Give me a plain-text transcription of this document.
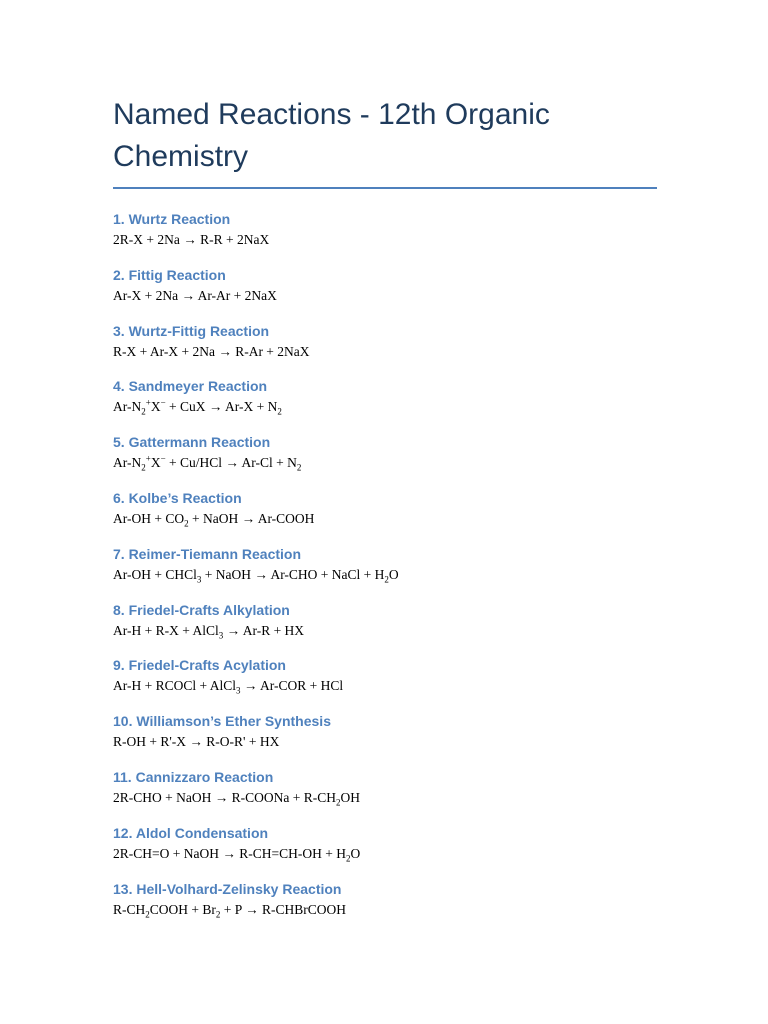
Named Reactions - 12th Organic Chemistry

1. Wurtz Reaction

2R-X + 2Na → R-R + 2NaX

2. Fittig Reaction

Ar-X + 2Na → Ar-Ar + 2NaX

3. Wurtz-Fittig Reaction

R-X + Ar-X + 2Na → R-Ar + 2NaX

4. Sandmeyer Reaction

$Ar-N_2^+X^-$ + CuX → $Ar-X + N_2$

5. Gattermann Reaction

$Ar-N_2^+X^- + Cu/HCl \to Ar-Cl + N_2$

6. Kolbe’s Reaction

$Ar-OH + CO_2$ + NaOH → Ar-COOH

7. Reimer-Tiemann Reaction

Ar-OH + CHCl$_3$ + NaOH → Ar-CHO + NaCl + $H_2O$

8. Friedel-Crafts Alkylation

Ar-H + R-X + AlCl$_3$ → Ar-R + HX

9. Friedel-Crafts Acylation

Ar-H + RCOCl + AlCl$_3$ → Ar-COR + HCl

10. Williamson’s Ether Synthesis

R-OH + R'-X → R-O-R' + HX

11. Cannizzaro Reaction

2R-CHO + NaOH → R-COONa + $R-CH_2OH$

12. Aldol Condensation

2R-CH=O + NaOH → $R-CH=CH-OH + H_2O$

13. Hell-Volhard-Zelinsky Reaction

$R-CH_2COOH + Br_2 + P$ → R-CHBrCOOH
